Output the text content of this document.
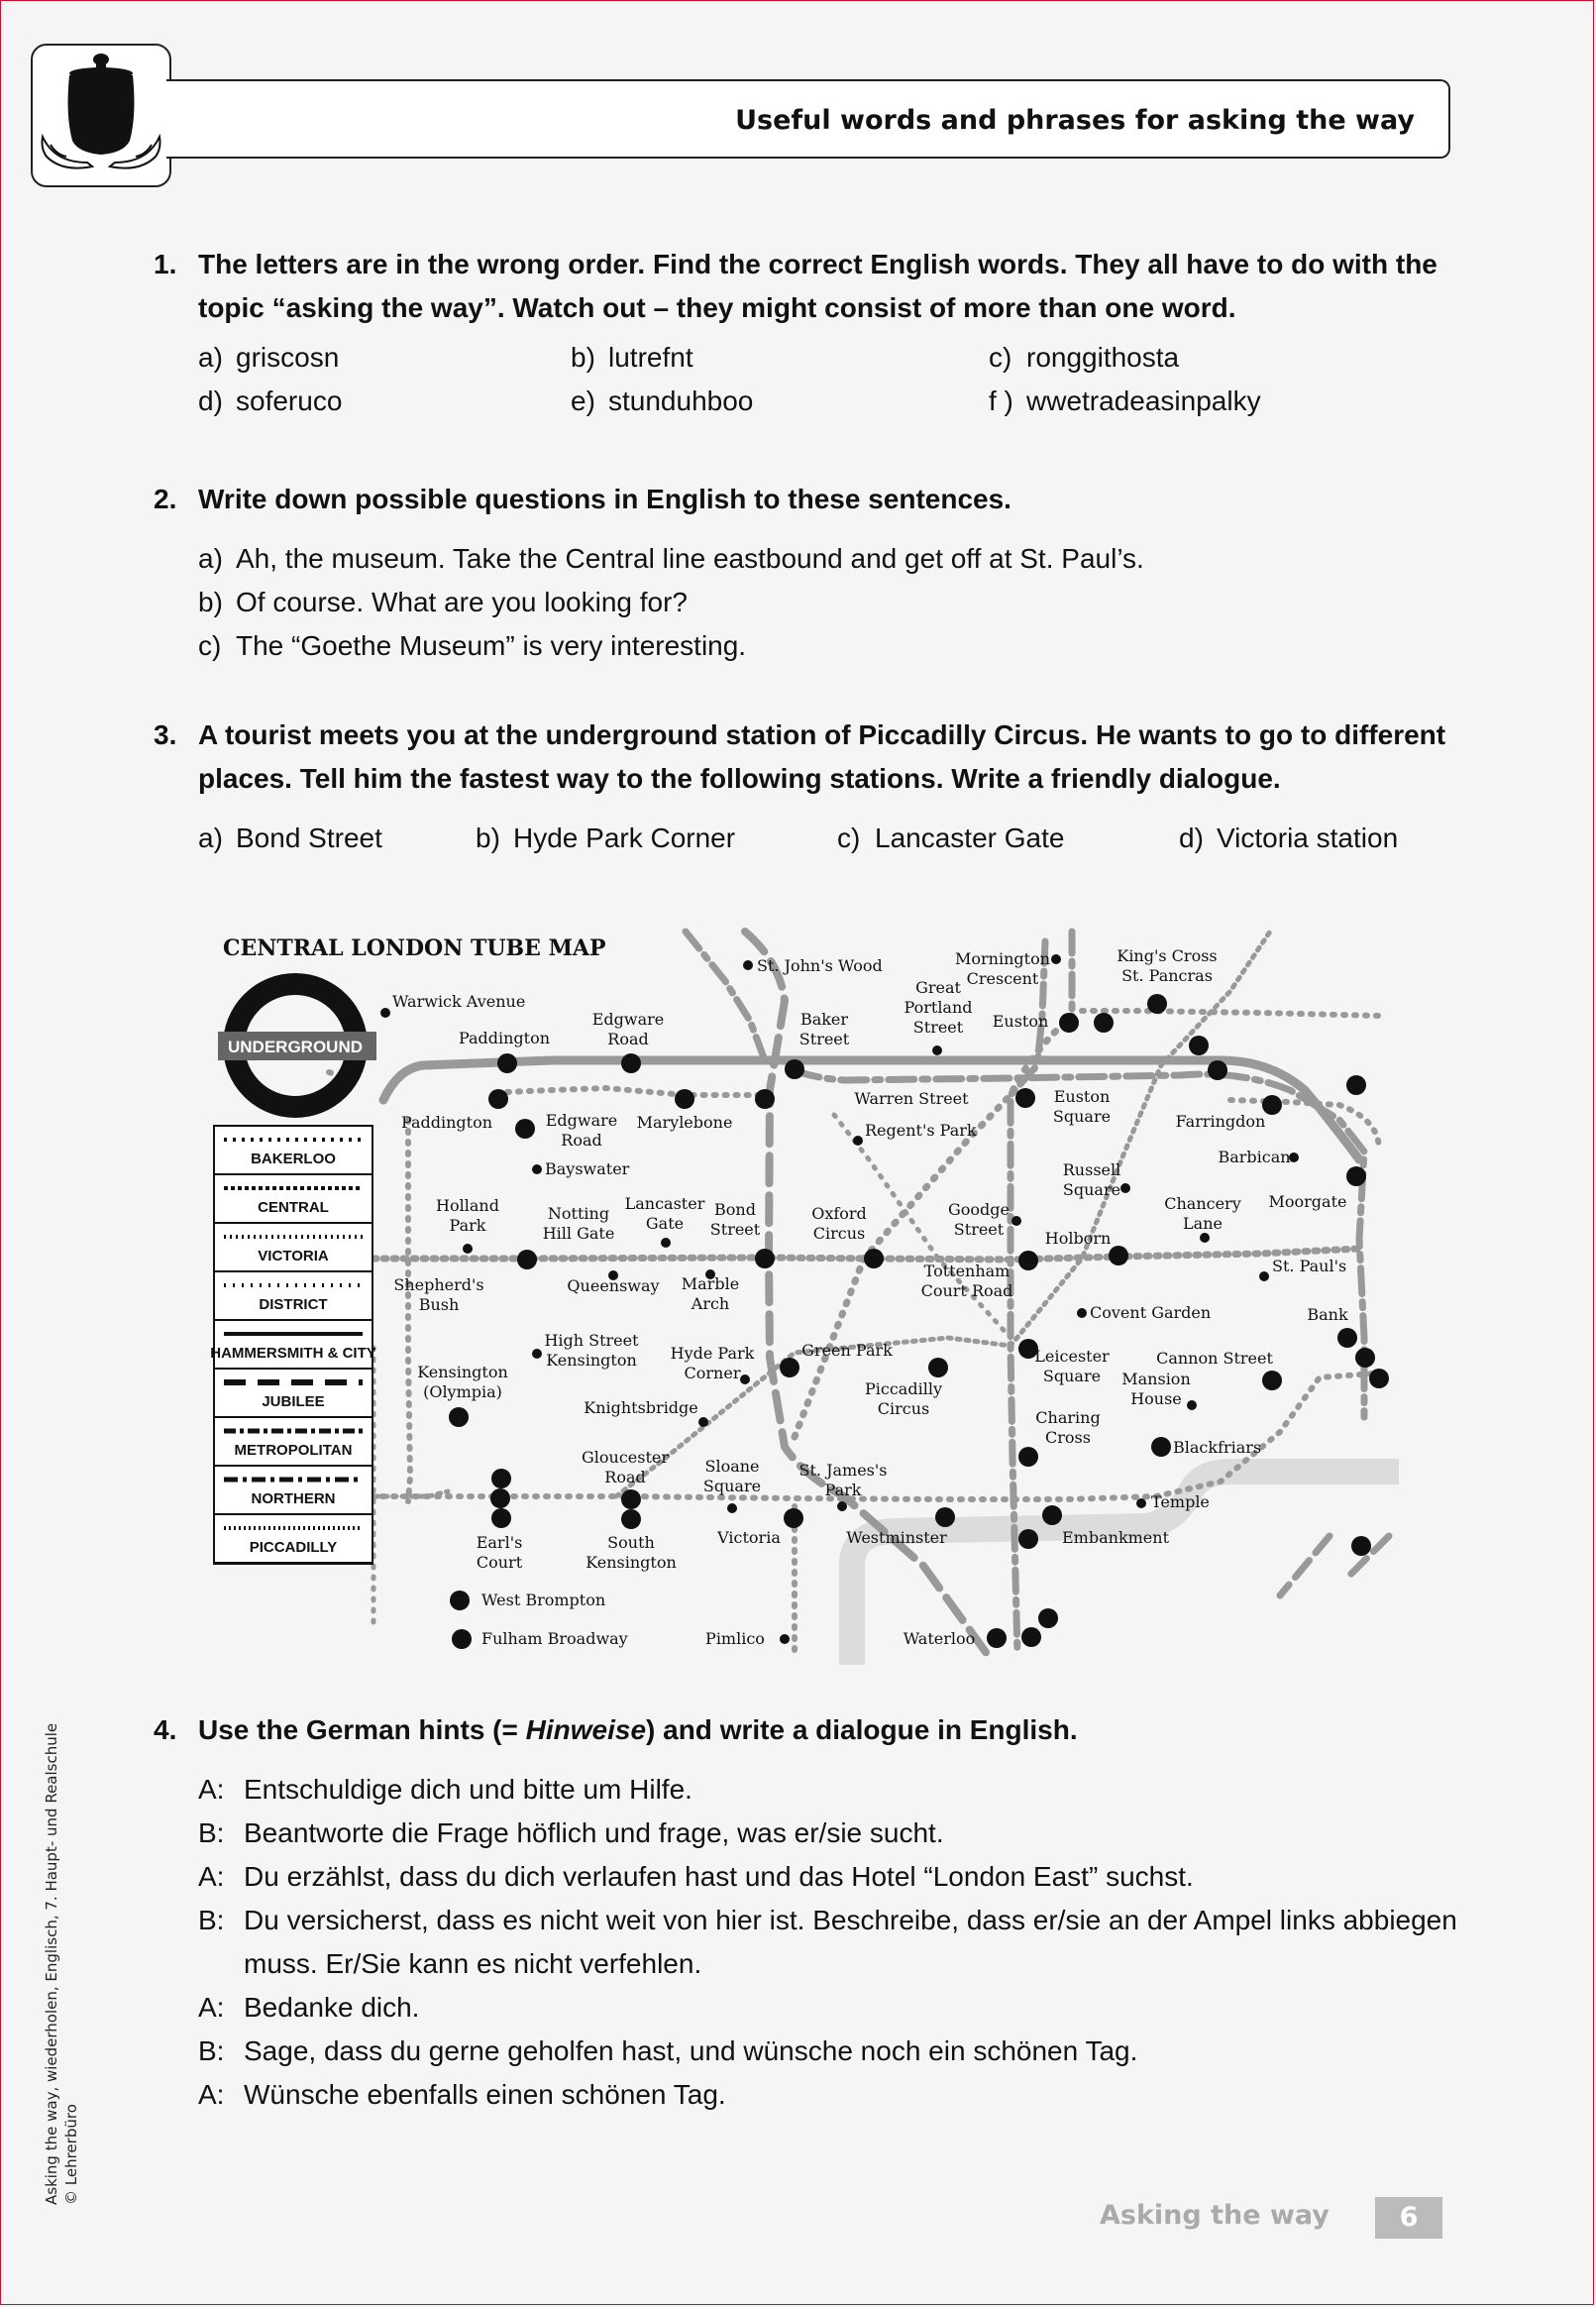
Useful words and phrases for asking the way
1. The letters are in the wrong order. Find the correct English words. They all have to do with the topic “asking the way”. Watch out – they might consist of more than one word.
a) griscosn	b) lutrefnt	c) ronggithosta
d) soferuco	e) stunduhboo	f ) wwetradeasinpalky
2. Write down possible questions in English to these sentences.
a) Ah, the museum. Take the Central line eastbound and get off at St. Paul’s.
b) Of course. What are you looking for?
c) The “Goethe Museum” is very interesting.
3. A tourist meets you at the underground station of Piccadilly Circus. He wants to go to different places. Tell him the fastest way to the following stations. Write a friendly dialogue.
a) Bond Street	b) Hyde Park Corner	c) Lancaster Gate	d) Victoria station
CENTRAL LONDON TUBE MAP
UNDERGROUND
BAKERLOO
CENTRAL
VICTORIA
DISTRICT
HAMMERSMITH & CITY
JUBILEE
METROPOLITAN
NORTHERN
PICCADILLY
St. John's Wood	Mornington Crescent
King's Cross St. Pancras
Warwick Avenue
Great Portland Street
Paddington
Edgware Road
Baker Street
Euston
Warren Street	Euston Square
Paddington	Edgware Road
Marylebone	Regent's Park	Farringdon
Barbican
Bayswater	Russell Square
Moorgate
Chancery Lane
Holland Park
Notting Hill Gate
Lancaster Gate
Bond Street
Oxford Circus
Goodge Street	Holborn
St. Paul's
Shepherd's Bush
Queensway Marble Arch
Tottenham Court Road
Covent Garden	Bank
High Street Kensington Hyde Park Corner
Green Park	Leicester Square
Cannon Street
Kensington (Olympia)	Piccadilly Circus
Mansion House
Knightsbridge
Charing Cross
Blackfriars
Gloucester Road
Sloane Square
St. James's Park
Temple
Earl's Court
South Kensington
Victoria	Westminster	Embankment
West Brompton
Fulham Broadway	Pimlico	Waterloo
4. Use the German hints (= Hinweise) and write a dialogue in English.
A: Entschuldige dich und bitte um Hilfe.
B: Beantworte die Frage höflich und frage, was er/sie sucht.
A: Du erzählst, dass du dich verlaufen hast und das Hotel “London East” suchst.
B: Du versicherst, dass es nicht weit von hier ist. Beschreibe, dass er/sie an der Ampel links abbiegen muss. Er/Sie kann es nicht verfehlen.
A: Bedanke dich.
B: Sage, dass du gerne geholfen hast, und wünsche noch ein schönen Tag.
A: Wünsche ebenfalls einen schönen Tag.
Asking the way, wiederholen, Englisch, 7. Haupt- und Realschule © Lehrerbüro
Asking the way	6
